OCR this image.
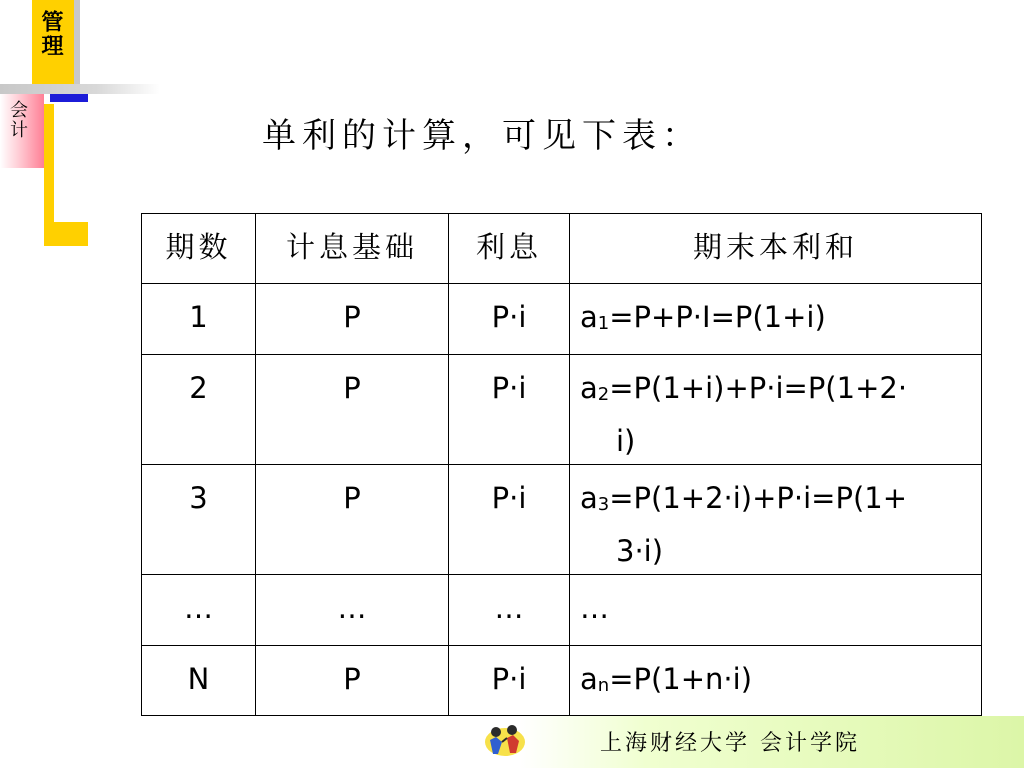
管理
会计	单利的计算，可见下表：
期数	计息基础	利息	期末本利和

1	P	P·i	$a_1=P+P\cdot I=P(1+i)$

2	P	P·i	$a_2=P(1+i)+P\cdot i=P(1+2\cdot$
i)

3	P	P·i	$a_3=P(1+2\cdot i)+P\cdot i=P(1+$
3·i)

…	…	…	…

N	P	P·i	$a_n=P(1+n\cdot i)$
上海财经大学 会计学院
